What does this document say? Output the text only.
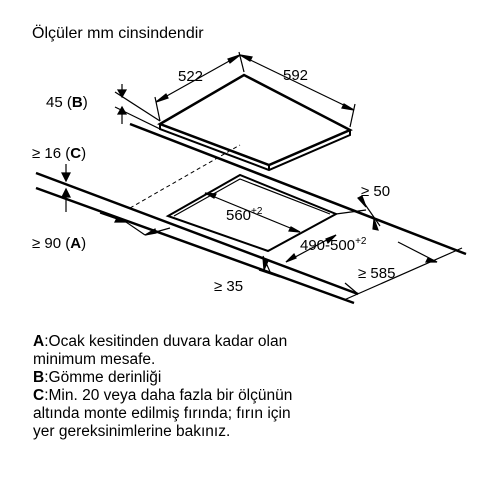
Ölçüler mm cinsindendir
522	592
45 (B)
$560^{+2}$
$490-500^{+2}$
≥ 50
≥ 585
≥ 35
≥ 16 (C)
≥ 90 (A)
A : Ocak kesitinden duvara kadar olan
minimum mesafe.
B : Gömme derinliği
C : Min. 20 veya daha fazla bir ölçünün
altında monte edilmiş fırında; fırın için
yer gereksinimlerine bakınız.
